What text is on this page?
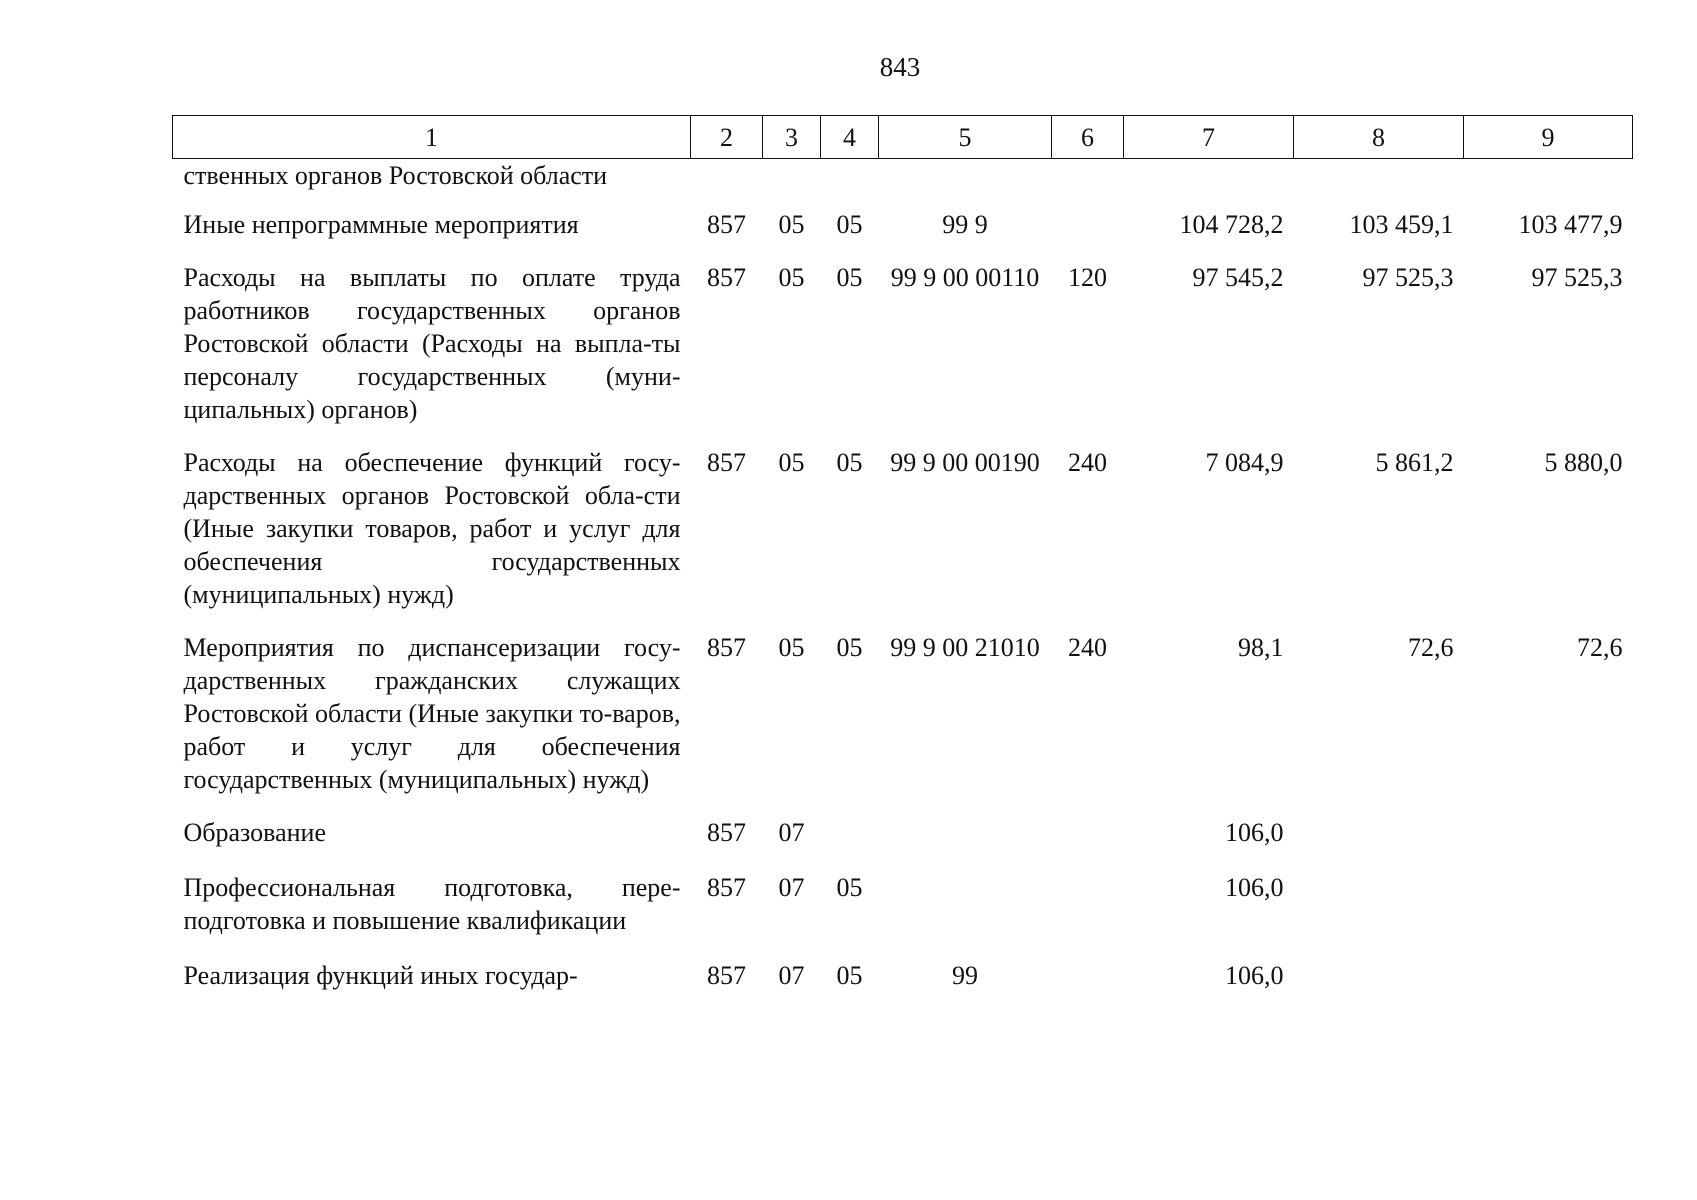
843
1	2	3	4	5	6	7	8	9
ственных органов Ростовской области								
Иные непрограммные мероприятия	857	05	05	99 9		104 728,2	103 459,1	103 477,9
Расходы на выплаты по оплате труда работников государственных органов Ростовской области (Расходы на выпла-ты персоналу государственных (муни-ципальных) органов)	857	05	05	99 9 00 00110	120	97 545,2	97 525,3	97 525,3
Расходы на обеспечение функций госу-дарственных органов Ростовской обла-сти (Иные закупки товаров, работ и услуг для обеспечения государственных (муниципальных) нужд)	857	05	05	99 9 00 00190	240	7 084,9	5 861,2	5 880,0
Мероприятия по диспансеризации госу-дарственных гражданских служащих Ростовской области (Иные закупки то-варов, работ и услуг для обеспечения государственных (муниципальных) нужд)	857	05	05	99 9 00 21010	240	98,1	72,6	72,6
Образование	857	07				106,0		
Профессиональная подготовка, пере-подготовка и повышение квалификации	857	07	05			106,0		
Реализация функций иных государ-	857	07	05	99		106,0		
